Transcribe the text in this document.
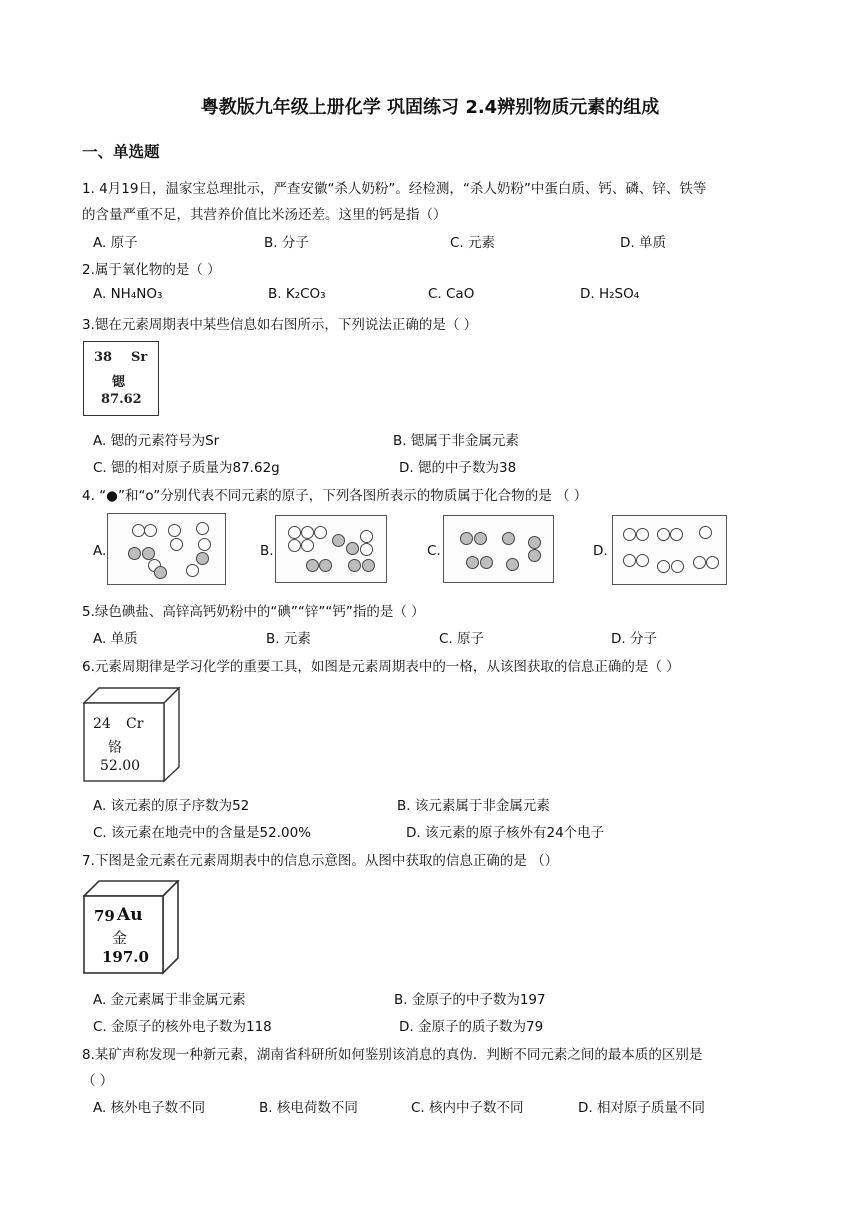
粤教版九年级上册化学 巩固练习 2.4辨别物质元素的组成
一、单选题
1. 4月19日，温家宝总理批示，严查安徽“杀人奶粉”。经检测，“杀人奶粉”中蛋白质、钙、磷、锌、铁等
的含量严重不足，其营养价值比米汤还差。这里的钙是指（）
A. 原子	B. 分子	C. 元素	D. 单质
2.属于氧化物的是（ ）
A. NH₄NO₃	B. K₂CO₃	C. CaO	D. H₂SO₄
3.锶在元素周期表中某些信息如右图所示，下列说法正确的是（ ）
38 Sr
锶
87.62
A. 锶的元素符号为Sr	B. 锶属于非金属元素
C. 锶的相对原子质量为87.62g	D. 锶的中子数为38
4. “●”和“o”分别代表不同元素的原子，下列各图所表示的物质属于化合物的是 （ ）
A.	B.	C.	D.
5.绿色碘盐、高锌高钙奶粉中的“碘”“锌”“钙”指的是（ ）
A. 单质	B. 元素	C. 原子	D. 分子
6.元素周期律是学习化学的重要工具，如图是元素周期表中的一格，从该图获取的信息正确的是（ ）
24 Cr
铬
52.00
A. 该元素的原子序数为52	B. 该元素属于非金属元素
C. 该元素在地壳中的含量是52.00%	D. 该元素的原子核外有24个电子
7.下图是金元素在元素周期表中的信息示意图。从图中获取的信息正确的是 （）
79 Au
金
197.0
A. 金元素属于非金属元素	B. 金原子的中子数为197
C. 金原子的核外电子数为118	D. 金原子的质子数为79
8.某矿声称发现一种新元素，湖南省科研所如何鉴别该消息的真伪．判断不同元素之间的最本质的区别是
（ ）
A. 核外电子数不同	B. 核电荷数不同	C. 核内中子数不同	D. 相对原子质量不同
